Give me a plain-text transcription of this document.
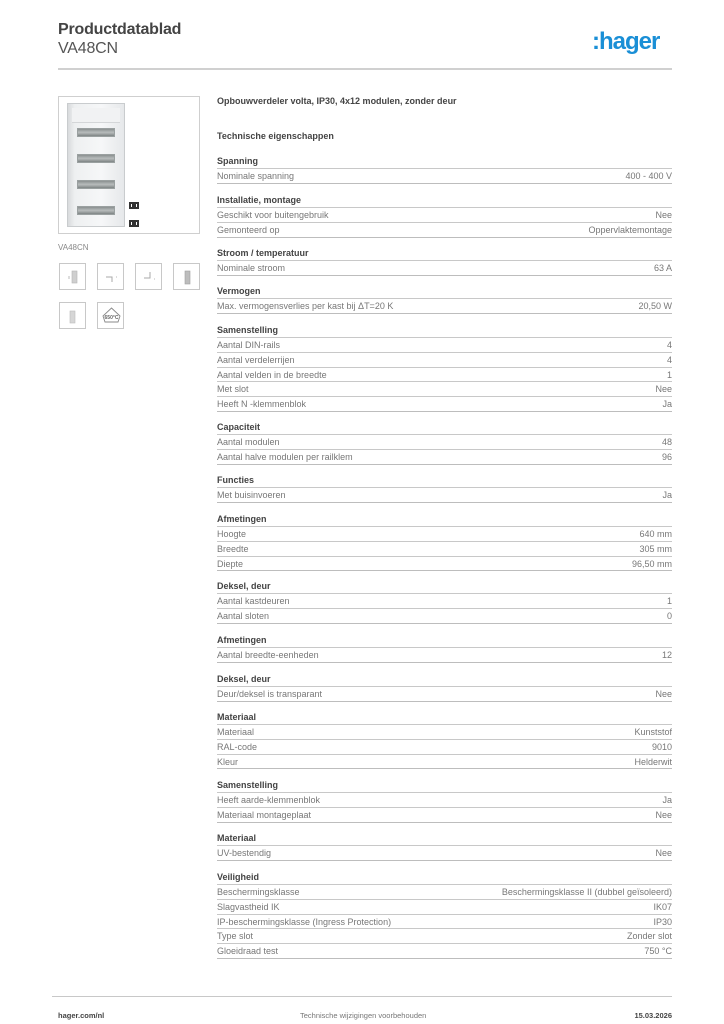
Productdatablad
VA48CN	:hager

VA48CN
650°C
Opbouwverdeler volta, IP30, 4x12 modulen, zonder deur
Technische eigenschappen
Spanning
Nominale spanning	400 - 400 V
Installatie, montage
Geschikt voor buitengebruik	Nee
Gemonteerd op	Oppervlaktemontage
Stroom / temperatuur
Nominale stroom	63 A
Vermogen
Max. vermogensverlies per kast bij ΔT=20 K	20,50 W
Samenstelling
Aantal DIN-rails	4
Aantal verdelerrijen	4
Aantal velden in de breedte	1
Met slot	Nee
Heeft N -klemmenblok	Ja
Capaciteit
Aantal modulen	48
Aantal halve modulen per railklem	96
Functies
Met buisinvoeren	Ja
Afmetingen
Hoogte	640 mm
Breedte	305 mm
Diepte	96,50 mm
Deksel, deur
Aantal kastdeuren	1
Aantal sloten	0
Afmetingen
Aantal breedte-eenheden	12
Deksel, deur
Deur/deksel is transparant	Nee
Materiaal
Materiaal	Kunststof
RAL-code	9010
Kleur	Helderwit
Samenstelling
Heeft aarde-klemmenblok	Ja
Materiaal montageplaat	Nee
Materiaal
UV-bestendig	Nee
Veiligheid
Beschermingsklasse	Beschermingsklasse II (dubbel geïsoleerd)
Slagvastheid IK	IK07
IP-beschermingsklasse (Ingress Protection)	IP30
Type slot	Zonder slot
Gloeidraad test	750 °C
hager.com/nl	Technische wijzigingen voorbehouden	15.03.2026
